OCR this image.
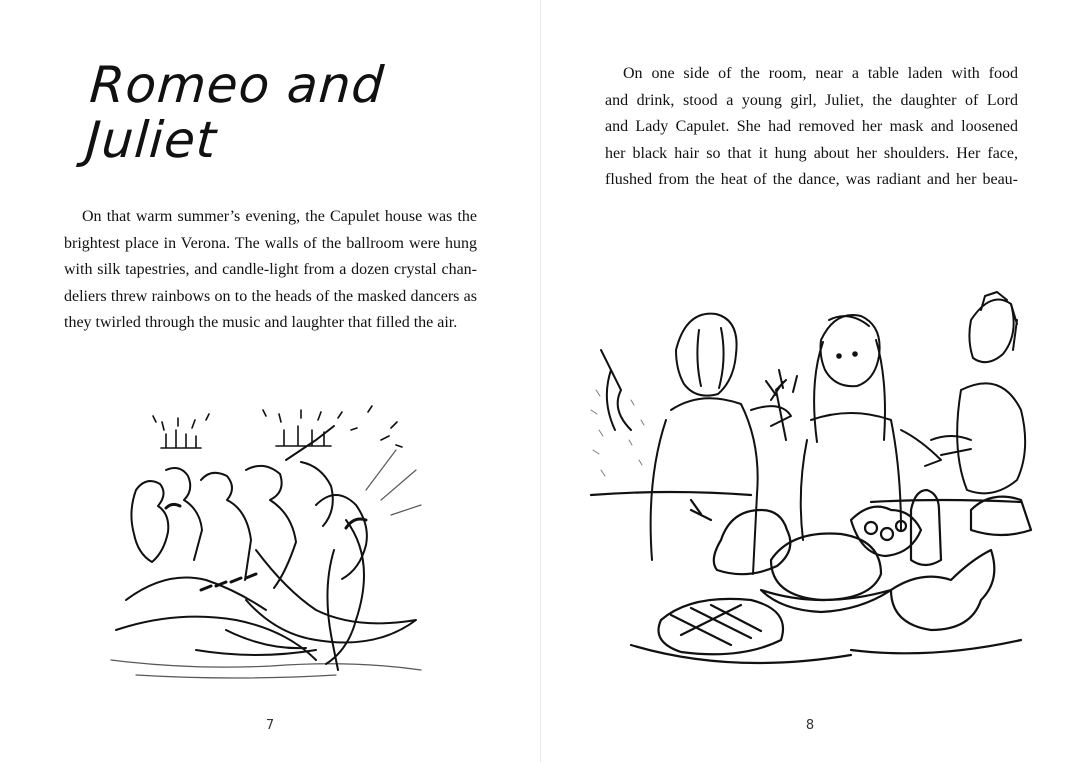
Romeo and Juliet
On that warm summer’s evening, the Capulet house was the
brightest place in Verona. The walls of the ballroom were hung
with silk tapestries, and candle-light from a dozen crystal chan-
deliers threw rainbows on to the heads of the masked dancers as
they twirled through the music and laughter that filled the air.
7
On one side of the room, near a table laden with food
and drink, stood a young girl, Juliet, the daughter of Lord
and Lady Capulet. She had removed her mask and loosened
her black hair so that it hung about her shoulders. Her face,
flushed from the heat of the dance, was radiant and her beau-
8
